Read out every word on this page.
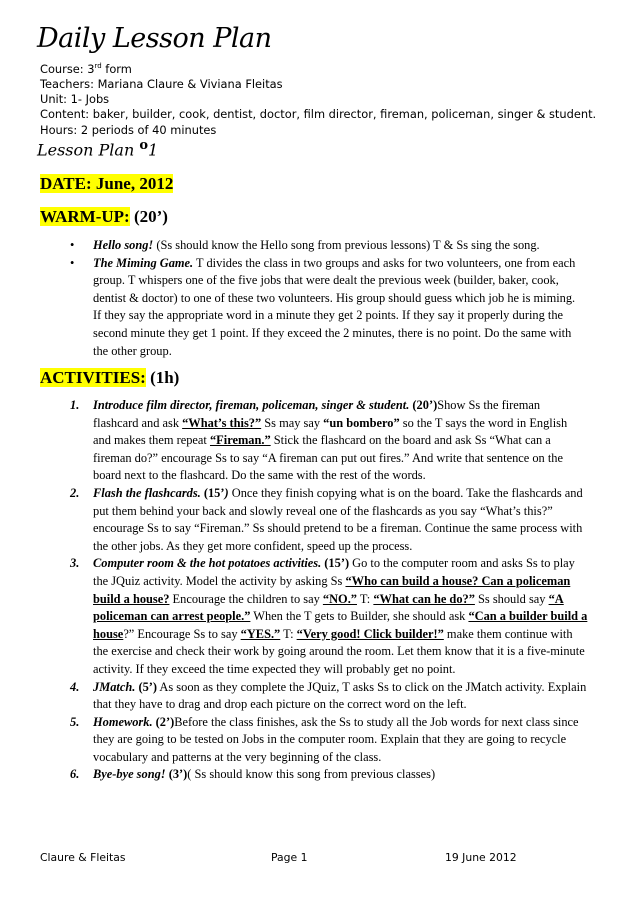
Daily Lesson Plan
Course: 3rd form
Teachers: Mariana Claure & Viviana Fleitas
Unit: 1- Jobs
Content: baker, builder, cook, dentist, doctor, film director, fireman, policeman, singer & student.
Hours: 2 periods of 40 minutes
Lesson Plan $^o$1
DATE: June, 2012
WARM-UP: (20’)
• Hello song! (Ss should know the Hello song from previous lessons) T & Ss sing the song.
• The Miming Game. T divides the class in two groups and asks for two volunteers, one from each group. T whispers one of the five jobs that were dealt the previous week (builder, baker, cook, dentist & doctor) to one of these two volunteers. His group should guess which job he is miming. If they say the appropriate word in a minute they get 2 points. If they say it properly during the second minute they get 1 point. If they exceed the 2 minutes, there is no point. Do the same with the other group.
ACTIVITIES: (1h)
1. Introduce film director, fireman, policeman, singer & student. (20’)Show Ss the fireman flashcard and ask “What’s this?” Ss may say “un bombero” so the T says the word in English and makes them repeat “Fireman.” Stick the flashcard on the board and ask Ss “What can a fireman do?” encourage Ss to say “A fireman can put out fires.” And write that sentence on the board next to the flashcard. Do the same with the rest of the words.
2. Flash the flashcards. (15’) Once they finish copying what is on the board. Take the flashcards and put them behind your back and slowly reveal one of the flashcards as you say “What’s this?” encourage Ss to say “Fireman.” Ss should pretend to be a fireman. Continue the same process with the other jobs. As they get more confident, speed up the process.
3. Computer room & the hot potatoes activities. (15’) Go to the computer room and asks Ss to play the JQuiz activity. Model the activity by asking Ss “Who can build a house? Can a policeman build a house? Encourage the children to say “NO.” T: “What can he do?” Ss should say “A policeman can arrest people.” When the T gets to Builder, she should ask “Can a builder build a house?” Encourage Ss to say “YES.” T: “Very good! Click builder!” make them continue with the exercise and check their work by going around the room. Let them know that it is a five-minute activity. If they exceed the time expected they will probably get no point.
4. JMatch. (5’) As soon as they complete the JQuiz, T asks Ss to click on the JMatch activity. Explain that they have to drag and drop each picture on the correct word on the left.
5. Homework. (2’)Before the class finishes, ask the Ss to study all the Job words for next class since they are going to be tested on Jobs in the computer room. Explain that they are going to recycle vocabulary and patterns at the very beginning of the class.
6. Bye-bye song! (3’)( Ss should know this song from previous classes)
Claure & Fleitas	Page 1	19 June 2012
